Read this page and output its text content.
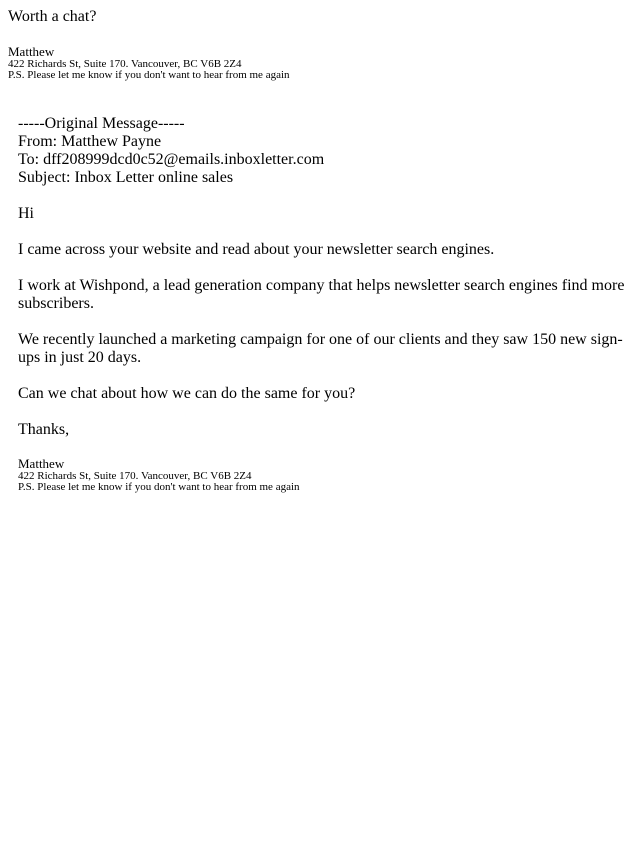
Worth a chat?

Matthew

422 Richards St, Suite 170. Vancouver, BC V6B 2Z4

P.S. Please let me know if you don't want to hear from me again

-----Original Message-----

From: Matthew Payne

To: dff208999dcd0c52@emails.inboxletter.com

Subject: Inbox Letter online sales

Hi

I came across your website and read about your newsletter search engines.

I work at Wishpond, a lead generation company that helps newsletter search engines find more subscribers.

We recently launched a marketing campaign for one of our clients and they saw 150 new sign-ups in just 20 days.

Can we chat about how we can do the same for you?

Thanks,

Matthew

422 Richards St, Suite 170. Vancouver, BC V6B 2Z4

P.S. Please let me know if you don't want to hear from me again
